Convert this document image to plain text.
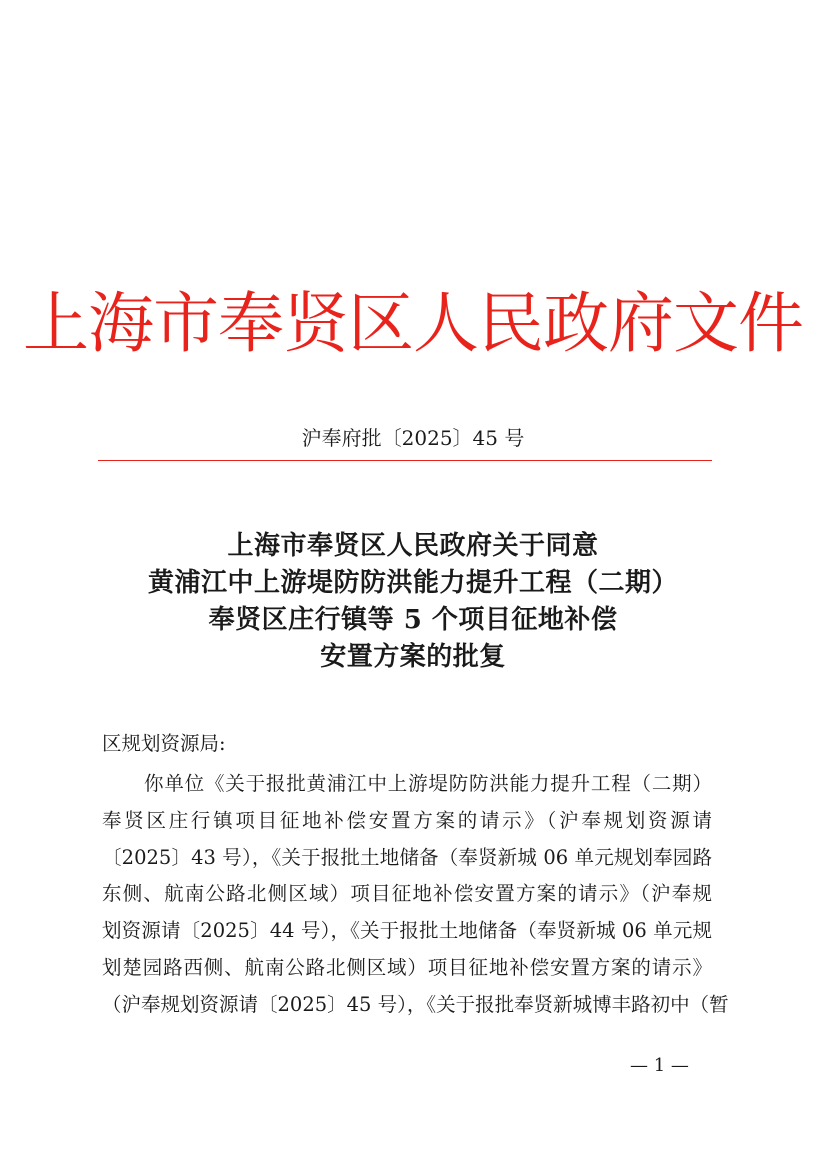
上海市奉贤区人民政府文件
沪奉府批〔2025〕45 号
上海市奉贤区人民政府关于同意
黄浦江中上游堤防防洪能力提升工程（二期）
奉贤区庄行镇等 5 个项目征地补偿
安置方案的批复
区规划资源局:
你单位《关于报批黄浦江中上游堤防防洪能力提升工程（二期）
奉贤区庄行镇项目征地补偿安置方案的请示》（沪奉规划资源请
〔2025〕43 号），《关于报批土地储备（奉贤新城 06 单元规划奉园路
东侧、航南公路北侧区域）项目征地补偿安置方案的请示》（沪奉规
划资源请〔2025〕44 号），《关于报批土地储备（奉贤新城 06 单元规
划楚园路西侧、航南公路北侧区域）项目征地补偿安置方案的请示》
（沪奉规划资源请〔2025〕45 号），《关于报批奉贤新城博丰路初中（暂
— 1 —
